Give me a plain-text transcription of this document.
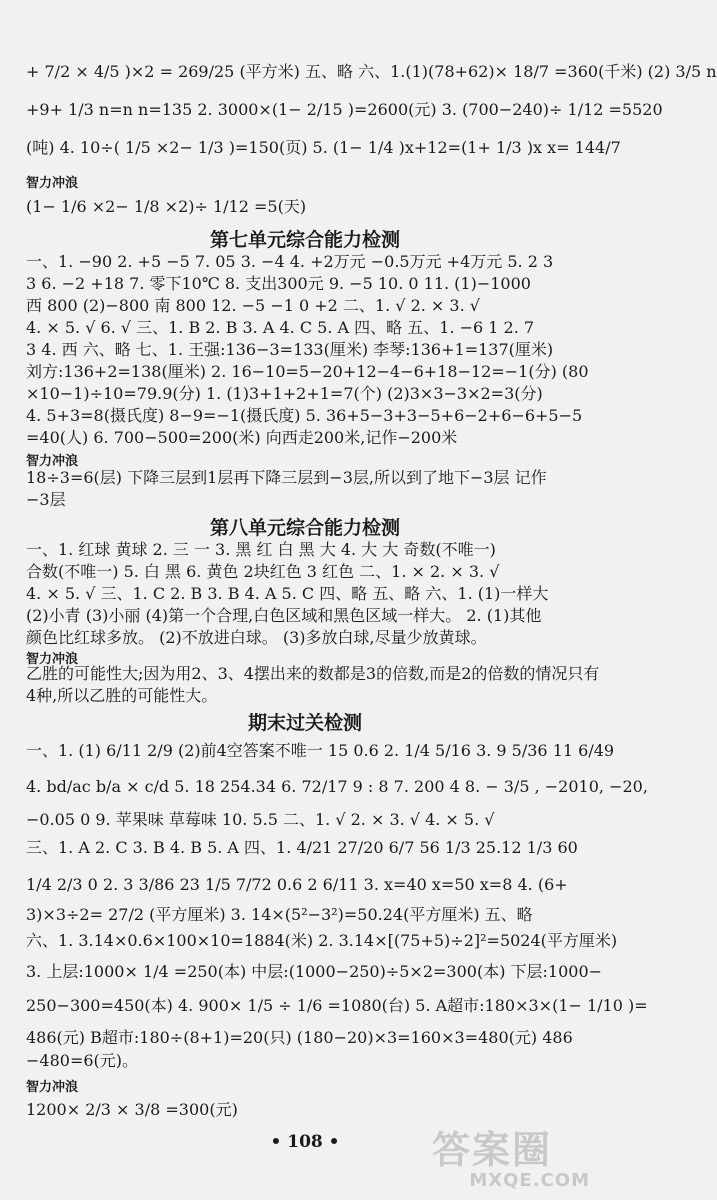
+ 7/2 × 4/5 )×2 = 269/25 (平方米) 五、略 六、1.(1)(78+62)× 18/7 =360(千米) (2) 3/5 n
+9+ 1/3 n=n n=135 2. 3000×(1− 2/15 )=2600(元) 3. (700−240)÷ 1/12 =5520
(吨) 4. 10÷( 1/5 ×2− 1/3 )=150(页) 5. (1− 1/4 )x+12=(1+ 1/3 )x x= 144/7
智力冲浪
(1− 1/6 ×2− 1/8 ×2)÷ 1/12 =5(天)
第七单元综合能力检测
一、1. −90 2. +5 −5 7. 05 3. −4 4. +2万元 −0.5万元 +4万元 5. 2 3
3 6. −2 +18 7. 零下10℃ 8. 支出300元 9. −5 10. 0 11. (1)−1000
西 800 (2)−800 南 800 12. −5 −1 0 +2 二、1. √ 2. × 3. √
4. × 5. √ 6. √ 三、1. B 2. B 3. A 4. C 5. A 四、略 五、1. −6 1 2. 7
3 4. 西 六、略 七、1. 王强:136−3=133(厘米) 李琴:136+1=137(厘米)
刘方:136+2=138(厘米) 2. 16−10=5−20+12−4−6+18−12=−1(分) (80
×10−1)÷10=79.9(分) 1. (1)3+1+2+1=7(个) (2)3×3−3×2=3(分)
4. 5+3=8(摄氏度) 8−9=−1(摄氏度) 5. 36+5−3+3−5+6−2+6−6+5−5
=40(人) 6. 700−500=200(米) 向西走200米,记作−200米
智力冲浪
18÷3=6(层) 下降三层到1层再下降三层到−3层,所以到了地下−3层 记作
−3层
第八单元综合能力检测
一、1. 红球 黄球 2. 三 一 3. 黑 红 白 黑 大 4. 大 大 奇数(不唯一)
合数(不唯一) 5. 白 黑 6. 黄色 2块红色 3 红色 二、1. × 2. × 3. √
4. × 5. √ 三、1. C 2. B 3. B 4. A 5. C 四、略 五、略 六、1. (1)一样大
(2)小青 (3)小丽 (4)第一个合理,白色区域和黑色区域一样大。 2. (1)其他
颜色比红球多放。 (2)不放进白球。 (3)多放白球,尽量少放黄球。
智力冲浪
乙胜的可能性大;因为用2、3、4摆出来的数都是3的倍数,而是2的倍数的情况只有
4种,所以乙胜的可能性大。
期末过关检测
一、1. (1) 6/11 2/9 (2)前4空答案不唯一 15 0.6 2. 1/4 5/16 3. 9 5/36 11 6/49
4. bd/ac b/a × c/d 5. 18 254.34 6. 72/17 9 : 8 7. 200 4 8. − 3/5 , −2010, −20,
−0.05 0 9. 苹果味 草莓味 10. 5.5 二、1. √ 2. × 3. √ 4. × 5. √
三、1. A 2. C 3. B 4. B 5. A 四、1. 4/21 27/20 6/7 56 1/3 25.12 1/3 60
1/4 2/3 0 2. 3 3/86 23 1/5 7/72 0.6 2 6/11 3. x=40 x=50 x=8 4. (6+
3)×3÷2= 27/2 (平方厘米) 3. 14×(5²−3²)=50.24(平方厘米) 五、略
六、1. 3.14×0.6×100×10=1884(米) 2. 3.14×[(75+5)÷2]²=5024(平方厘米)
3. 上层:1000× 1/4 =250(本) 中层:(1000−250)÷5×2=300(本) 下层:1000−
250−300=450(本) 4. 900× 1/5 ÷ 1/6 =1080(台) 5. A超市:180×3×(1− 1/10 )=
486(元) B超市:180÷(8+1)=20(只) (180−20)×3=160×3=480(元) 486
−480=6(元)。
智力冲浪
1200× 2/3 × 3/8 =300(元)
• 108 •	答案圈
MXQE.COM
